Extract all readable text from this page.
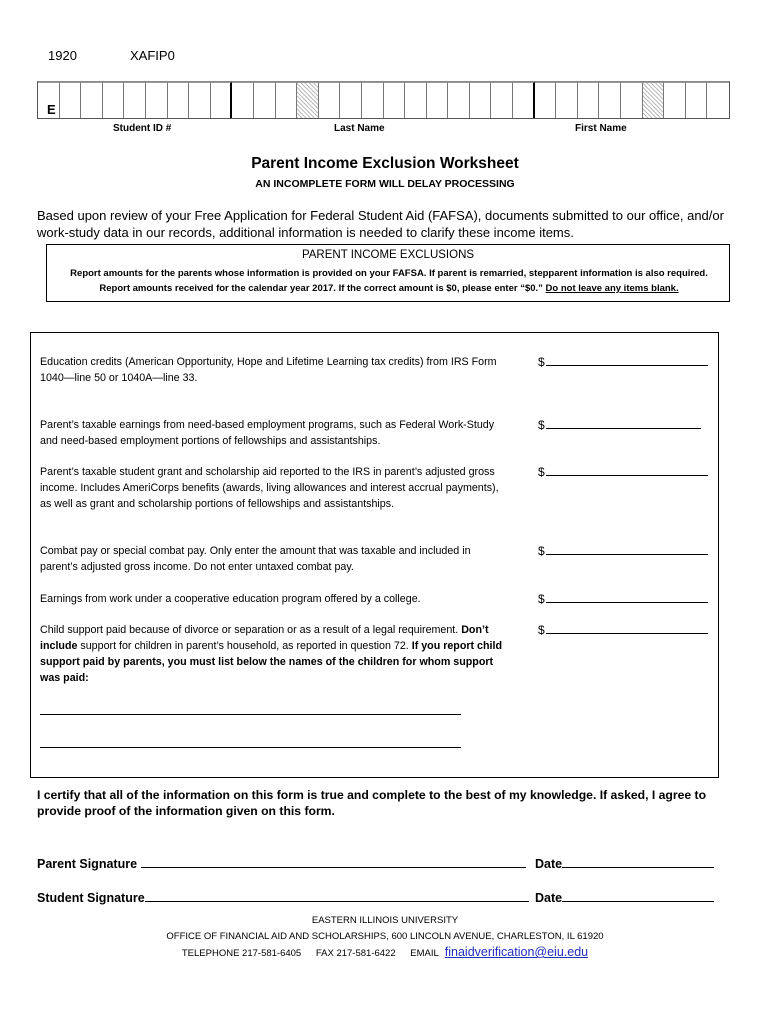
1920	XAFIP0
E
Student ID #	Last Name	First Name
Parent Income Exclusion Worksheet
AN INCOMPLETE FORM WILL DELAY PROCESSING
Based upon review of your Free Application for Federal Student Aid (FAFSA), documents submitted to our office, and/or work-study data in our records, additional information is needed to clarify these income items.
PARENT INCOME EXCLUSIONS
Report amounts for the parents whose information is provided on your FAFSA. If parent is remarried, stepparent information is also required. Report amounts received for the calendar year 2017. If the correct amount is $0, please enter “$0.” Do not leave any items blank.
Education credits (American Opportunity, Hope and Lifetime Learning tax credits) from IRS Form 1040—line 50 or 1040A—line 33.
$
Parent’s taxable earnings from need-based employment programs, such as Federal Work-Study and need-based employment portions of fellowships and assistantships.
$
Parent’s taxable student grant and scholarship aid reported to the IRS in parent’s adjusted gross income. Includes AmeriCorps benefits (awards, living allowances and interest accrual payments), as well as grant and scholarship portions of fellowships and assistantships.
$
Combat pay or special combat pay. Only enter the amount that was taxable and included in parent’s adjusted gross income. Do not enter untaxed combat pay.
$
Earnings from work under a cooperative education program offered by a college.	$
Child support paid because of divorce or separation or as a result of a legal requirement. Don’t include support for children in parent’s household, as reported in question 72. If you report child support paid by parents, you must list below the names of the children for whom support was paid:
$
I certify that all of the information on this form is true and complete to the best of my knowledge. If asked, I agree to provide proof of the information given on this form.
Parent Signature	Date
Student Signature	Date
EASTERN ILLINOIS UNIVERSITY
OFFICE OF FINANCIAL AID AND SCHOLARSHIPS, 600 LINCOLN AVENUE, CHARLESTON, IL 61920
TELEPHONE 217-581-6405 FAX 217-581-6422 EMAIL finaidverification@eiu.edu
